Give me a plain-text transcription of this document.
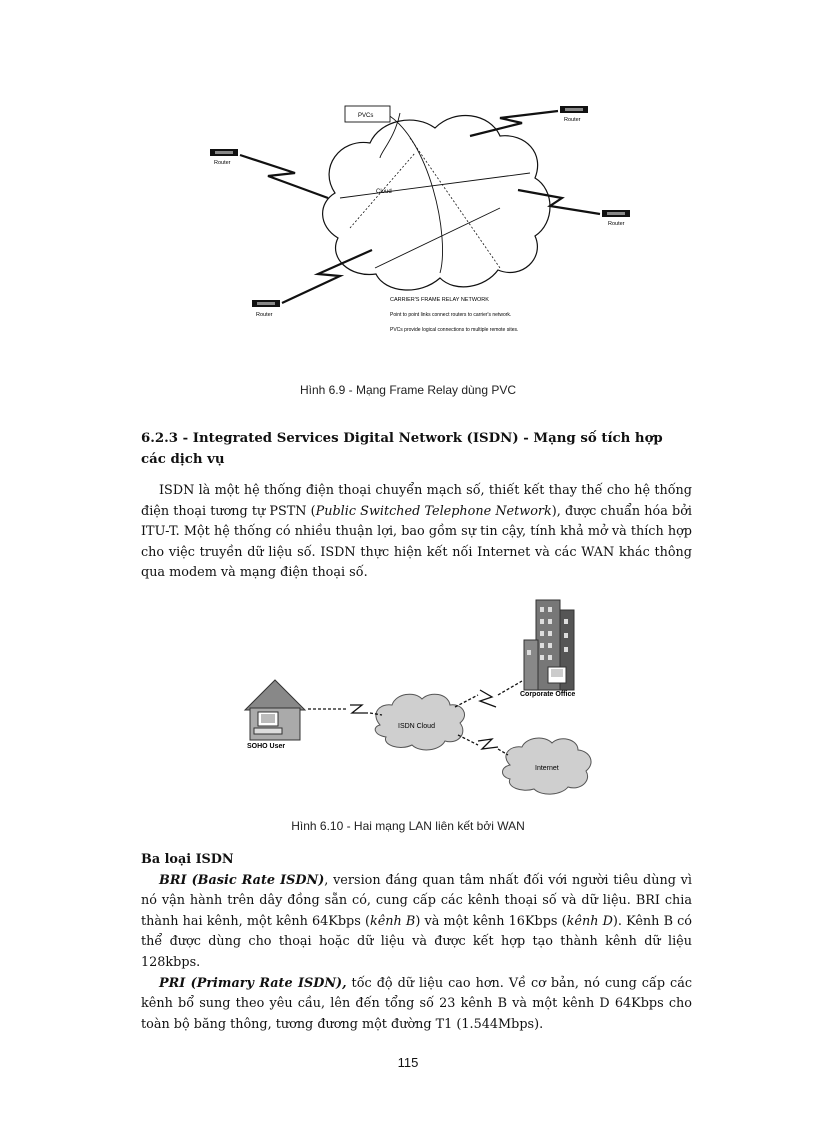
PVCs
Cloud
Router
Router
Router
Router
CARRIER'S FRAME RELAY NETWORK
Point to point links connect routers to carrier's network.
PVCs provide logical connections to multiple remote sites.
Hình 6.9 - Mạng Frame Relay dùng PVC
6.2.3 - Integrated Services Digital Network (ISDN) - Mạng số tích hợp các dịch vụ

ISDN là một hệ thống điện thoại chuyển mạch số, thiết kết thay thế cho hệ thống điện thoại tương tự PSTN (Public Switched Telephone Network), được chuẩn hóa bởi ITU-T. Một hệ thống có nhiều thuận lợi, bao gồm sự tin cậy, tính khả mở và thích hợp cho việc truyền dữ liệu số. ISDN thực hiện kết nối Internet và các WAN khác thông qua modem và mạng điện thoại số.

Corporate Office
SOHO User
ISDN Cloud
Internet
Hình 6.10 - Hai mạng LAN liên kết bởi WAN

Ba loại ISDN

BRI (Basic Rate ISDN), version đáng quan tâm nhất đối với người tiêu dùng vì nó vận hành trên dây đồng sẵn có, cung cấp các kênh thoại số và dữ liệu. BRI chia thành hai kênh, một kênh 64Kbps (kênh B) và một kênh 16Kbps (kênh D). Kênh B có thể được dùng cho thoại hoặc dữ liệu và được kết hợp tạo thành kênh dữ liệu 128kbps.

PRI (Primary Rate ISDN), tốc độ dữ liệu cao hơn. Về cơ bản, nó cung cấp các kênh bổ sung theo yêu cầu, lên đến tổng số 23 kênh B và một kênh D 64Kbps cho toàn bộ băng thông, tương đương một đường T1 (1.544Mbps).

115
